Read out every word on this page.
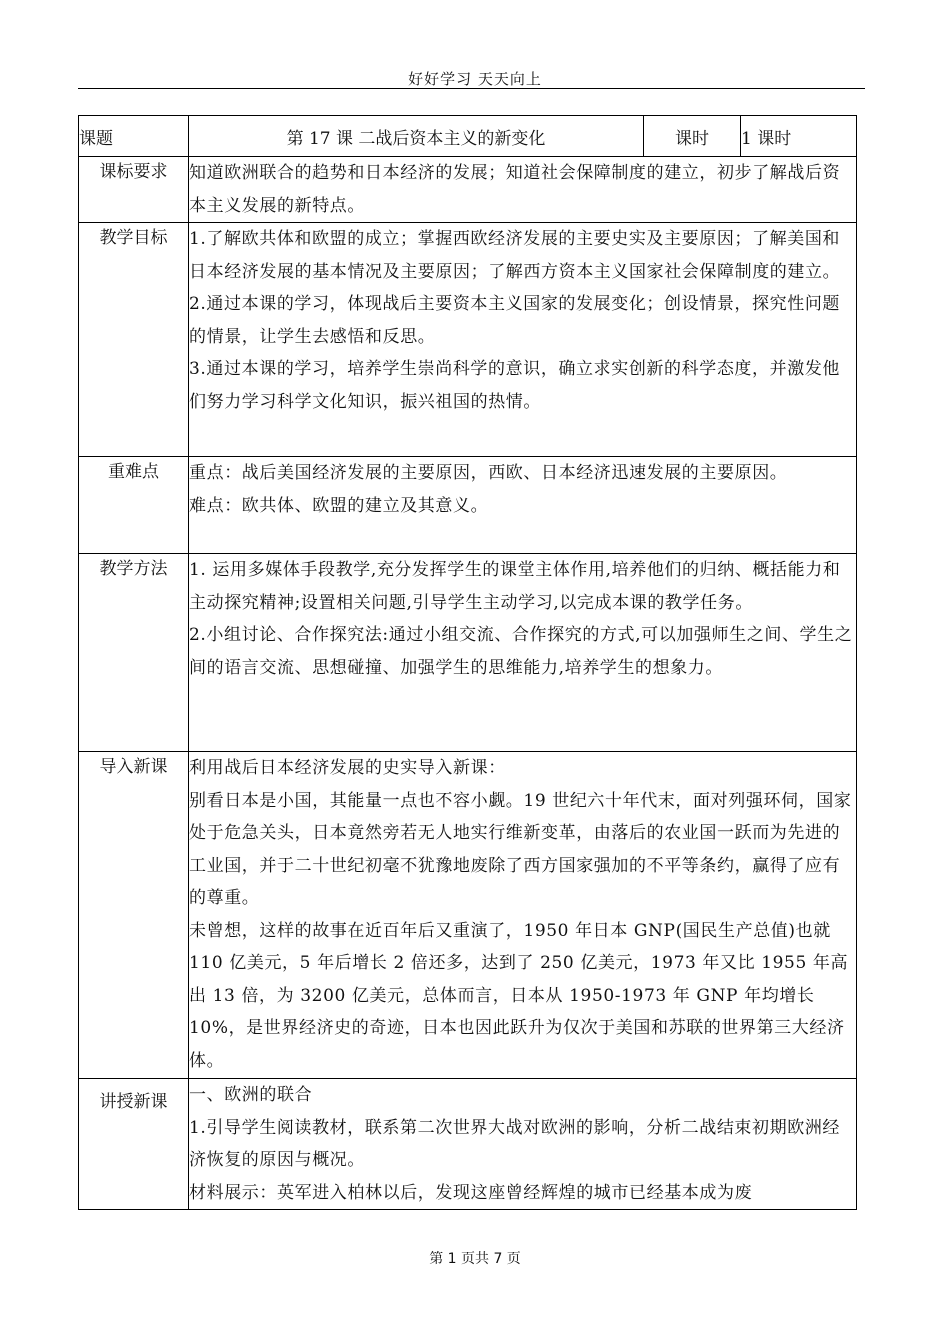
好好学习 天天向上
课题	第 17 课 二战后资本主义的新变化	课时	1 课时
课标要求	知道欧洲联合的趋势和日本经济的发展；知道社会保障制度的建立，初步了解战后资本主义发展的新特点。		

教学目标	1.了解欧共体和欧盟的成立；掌握西欧经济发展的主要史实及主要原因；了解美国和日本经济发展的基本情况及主要原因；了解西方资本主义国家社会保障制度的建立。

2.通过本课的学习，体现战后主要资本主义国家的发展变化；创设情景，探究性问题的情景，让学生去感悟和反思。

3.通过本课的学习，培养学生崇尚科学的意识，确立求实创新的科学态度，并激发他们努力学习科学文化知识，振兴祖国的热情。		

重难点	重点：战后美国经济发展的主要原因，西欧、日本经济迅速发展的主要原因。

难点：欧共体、欧盟的建立及其意义。		

教学方法	1. 运用多媒体手段教学,充分发挥学生的课堂主体作用,培养他们的归纳、概括能力和主动探究精神;设置相关问题,引导学生主动学习,以完成本课的教学任务。

2.小组讨论、合作探究法:通过小组交流、合作探究的方式,可以加强师生之间、学生之间的语言交流、思想碰撞、加强学生的思维能力,培养学生的想象力。		

导入新课	利用战后日本经济发展的史实导入新课：

别看日本是小国，其能量一点也不容小觑。19 世纪六十年代末，面对列强环伺，国家处于危急关头，日本竟然旁若无人地实行维新变革，由落后的农业国一跃而为先进的工业国，并于二十世纪初毫不犹豫地废除了西方国家强加的不平等条约，赢得了应有的尊重。

未曾想，这样的故事在近百年后又重演了，1950 年日本 GNP(国民生产总值)也就 110 亿美元，5 年后增长 2 倍还多，达到了 250 亿美元，1973 年又比 1955 年高出 13 倍，为 3200 亿美元，总体而言，日本从 1950-1973 年 GNP 年均增长 10%，是世界经济史的奇迹，日本也因此跃升为仅次于美国和苏联的世界第三大经济体。		

讲授新课	一、欧洲的联合

1.引导学生阅读教材，联系第二次世界大战对欧洲的影响，分析二战结束初期欧洲经济恢复的原因与概况。

材料展示：英军进入柏林以后，发现这座曾经辉煌的城市已经基本成为废		

第 1 页共 7 页
